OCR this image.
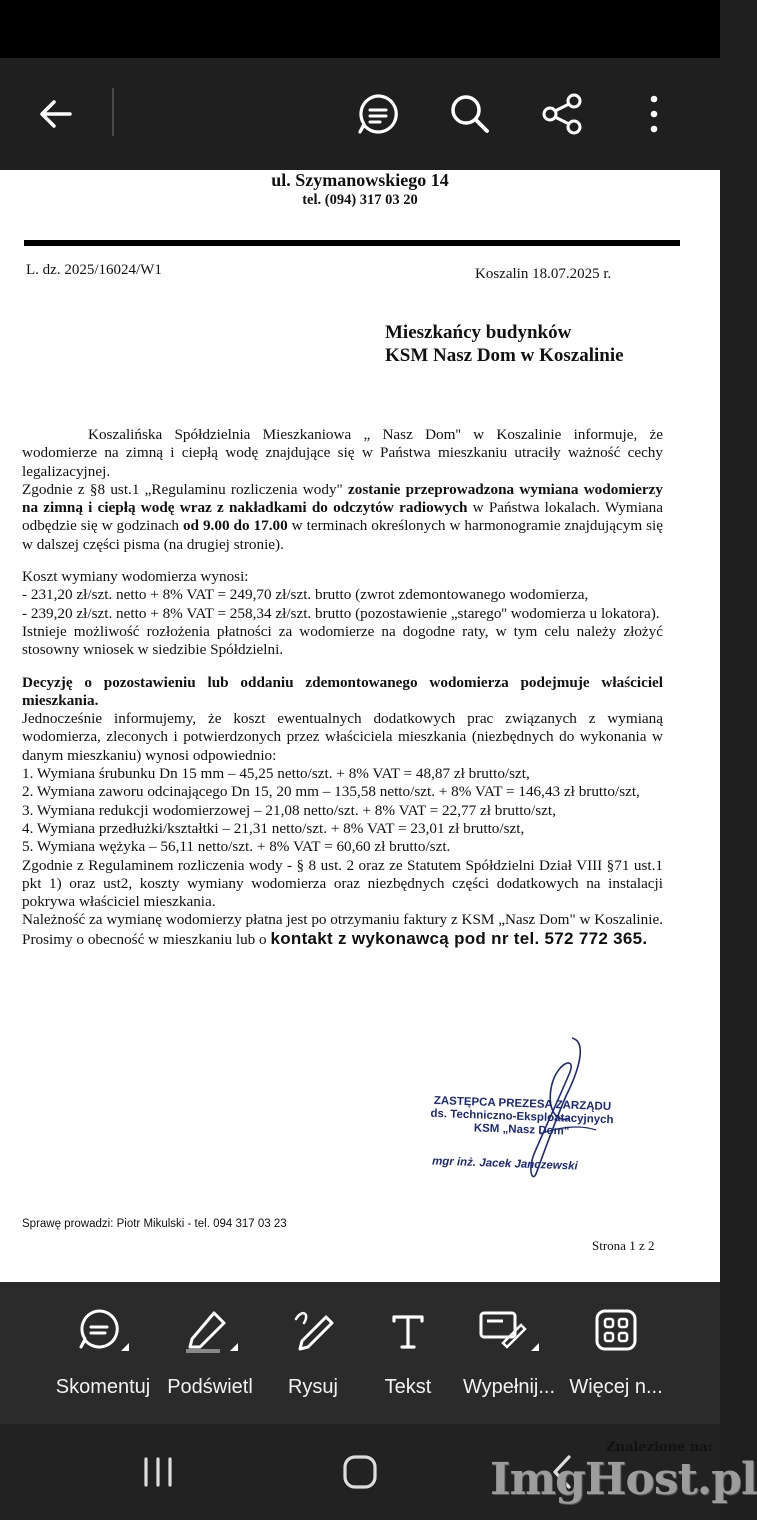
ul. Szymanowskiego 14
tel. (094) 317 03 20
L. dz. 2025/16024/W1	Koszalin 18.07.2025 r.
Mieszkańcy budynków
KSM Nasz Dom w Koszalinie

Koszalińska Spółdzielnia Mieszkaniowa „ Nasz Dom'' w Koszalinie informuje, że wodomierze na zimną i ciepłą wodę znajdujące się w Państwa mieszkaniu utraciły ważność cechy legalizacyjnej.

Zgodnie z §8 ust.1 „Regulaminu rozliczenia wody" zostanie przeprowadzona wymiana wodomierzy na zimną i ciepłą wodę wraz z nakładkami do odczytów radiowych w Państwa lokalach. Wymiana odbędzie się w godzinach od 9.00 do 17.00 w terminach określonych w harmonogramie znajdującym się w dalszej części pisma (na drugiej stronie).

Koszt wymiany wodomierza wynosi:

- 231,20 zł/szt. netto + 8% VAT = 249,70 zł/szt. brutto (zwrot zdemontowanego wodomierza,

- 239,20 zł/szt. netto + 8% VAT = 258,34 zł/szt. brutto (pozostawienie „starego'' wodomierza u lokatora).

Istnieje możliwość rozłożenia płatności za wodomierze na dogodne raty, w tym celu należy złożyć stosowny wniosek w siedzibie Spółdzielni.

Decyzję o pozostawieniu lub oddaniu zdemontowanego wodomierza podejmuje właściciel mieszkania.

Jednocześnie informujemy, że koszt ewentualnych dodatkowych prac związanych z wymianą wodomierza, zleconych i potwierdzonych przez właściciela mieszkania (niezbędnych do wykonania w danym mieszkaniu) wynosi odpowiednio:

1. Wymiana śrubunku Dn 15 mm – 45,25 netto/szt. + 8% VAT = 48,87 zł brutto/szt,

2. Wymiana zaworu odcinającego Dn 15, 20 mm – 135,58 netto/szt. + 8% VAT = 146,43 zł brutto/szt,

3. Wymiana redukcji wodomierzowej – 21,08 netto/szt. + 8% VAT = 22,77 zł brutto/szt,

4. Wymiana przedłużki/kształtki – 21,31 netto/szt. + 8% VAT = 23,01 zł brutto/szt,

5. Wymiana wężyka – 56,11 netto/szt. + 8% VAT = 60,60 zł brutto/szt.

Zgodnie z Regulaminem rozliczenia wody - § 8 ust. 2 oraz ze Statutem Spółdzielni Dział VIII §71 ust.1 pkt 1) oraz ust2, koszty wymiany wodomierza oraz niezbędnych części dodatkowych na instalacji pokrywa właściciel mieszkania.

Należność za wymianę wodomierzy płatna jest po otrzymaniu faktury z KSM „Nasz Dom" w Koszalinie. Prosimy o obecność w mieszkaniu lub o kontakt z wykonawcą pod nr tel. 572 772 365.

ZASTĘPCA PREZESA ZARZĄDU
ds. Techniczno-Eksploatacyjnych
KSM „Nasz Dom"
mgr inż. Jacek Janczewski
Sprawę prowadzi: Piotr Mikulski - tel. 094 317 03 23
Strona 1 z 2
Skomentuj Podświetl	Rysuj	Tekst	Wypełnij... Więcej n...
Znalezione na:
ImgHost.pl
